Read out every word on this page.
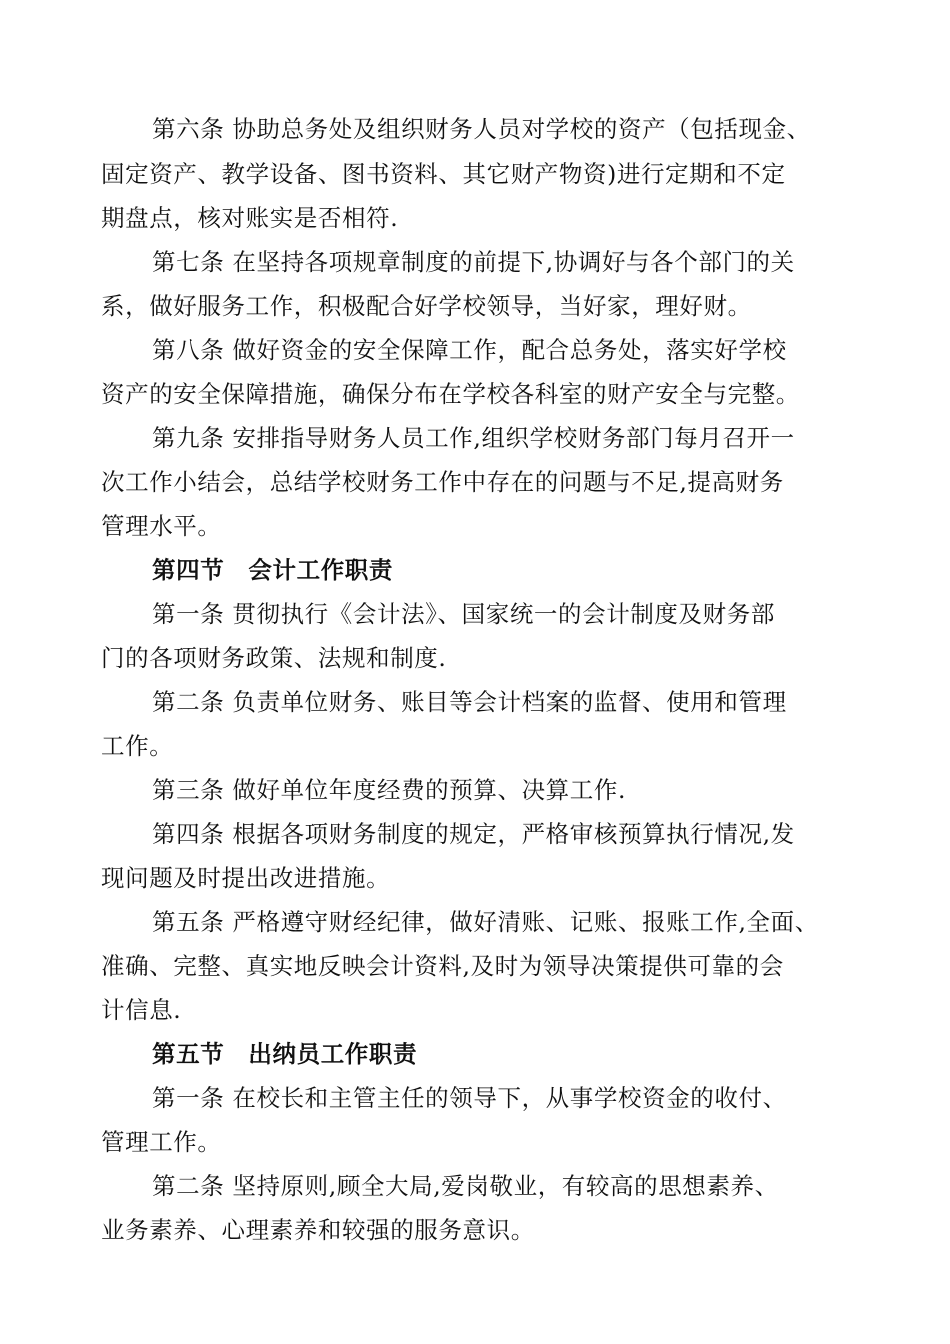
第六条 协助总务处及组织财务人员对学校的资产（包括现金、
固定资产、教学设备、图书资料、其它财产物资)进行定期和不定
期盘点，核对账实是否相符.
第七条 在坚持各项规章制度的前提下,协调好与各个部门的关
系，做好服务工作，积极配合好学校领导，当好家，理好财。
第八条 做好资金的安全保障工作，配合总务处，落实好学校
资产的安全保障措施，确保分布在学校各科室的财产安全与完整。
第九条 安排指导财务人员工作,组织学校财务部门每月召开一
次工作小结会，总结学校财务工作中存在的问题与不足,提高财务
管理水平。
第四节　会计工作职责
第一条 贯彻执行《会计法》、国家统一的会计制度及财务部
门的各项财务政策、法规和制度.
第二条 负责单位财务、账目等会计档案的监督、使用和管理
工作。
第三条 做好单位年度经费的预算、决算工作.
第四条 根据各项财务制度的规定，严格审核预算执行情况,发
现问题及时提出改进措施。
第五条 严格遵守财经纪律，做好清账、记账、报账工作,全面、
准确、完整、真实地反映会计资料,及时为领导决策提供可靠的会
计信息.
第五节　出纳员工作职责
第一条 在校长和主管主任的领导下，从事学校资金的收付、
管理工作。
第二条 坚持原则,顾全大局,爱岗敬业，有较高的思想素养、
业务素养、心理素养和较强的服务意识。
